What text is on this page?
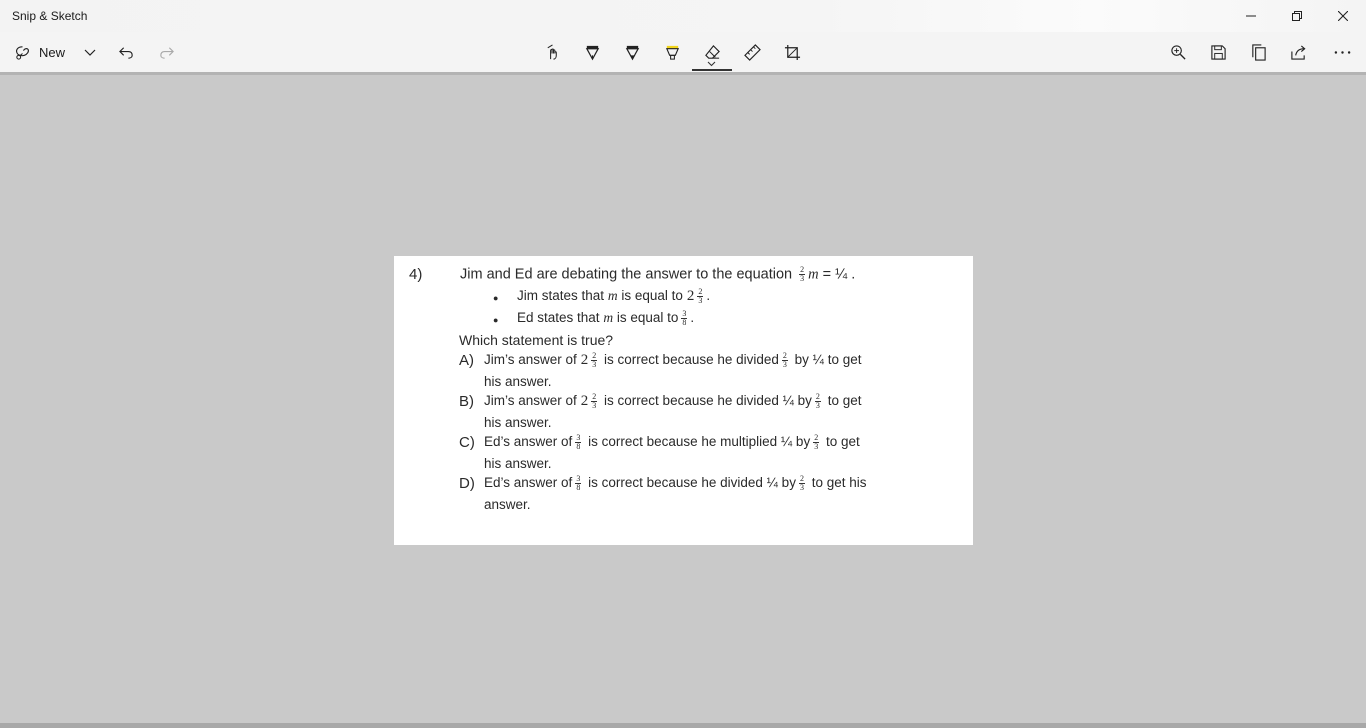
Snip & Sketch
New
4)	Jim and Ed are debating the answer to the equation $\frac{2}{3}$ m = ¼ .
● Jim states that m is equal to $2 \frac{2}{3}$ .
● Ed states that m is equal to $\frac{3}{8}$ .
Which statement is true?
A) Jim’s answer of $2 \frac{2}{3}$ is correct because he divided $\frac{2}{3}$ by ¼ to get
his answer.
B) Jim’s answer of $2 \frac{2}{3}$ is correct because he divided ¼ by $\frac{2}{3}$ to get
his answer.
C) Ed’s answer of $\frac{3}{8}$ is correct because he multiplied ¼ by $\frac{2}{3}$ to get
his answer.
D) Ed’s answer of $\frac{3}{8}$ is correct because he divided ¼ by $\frac{2}{3}$ to get his
answer.
